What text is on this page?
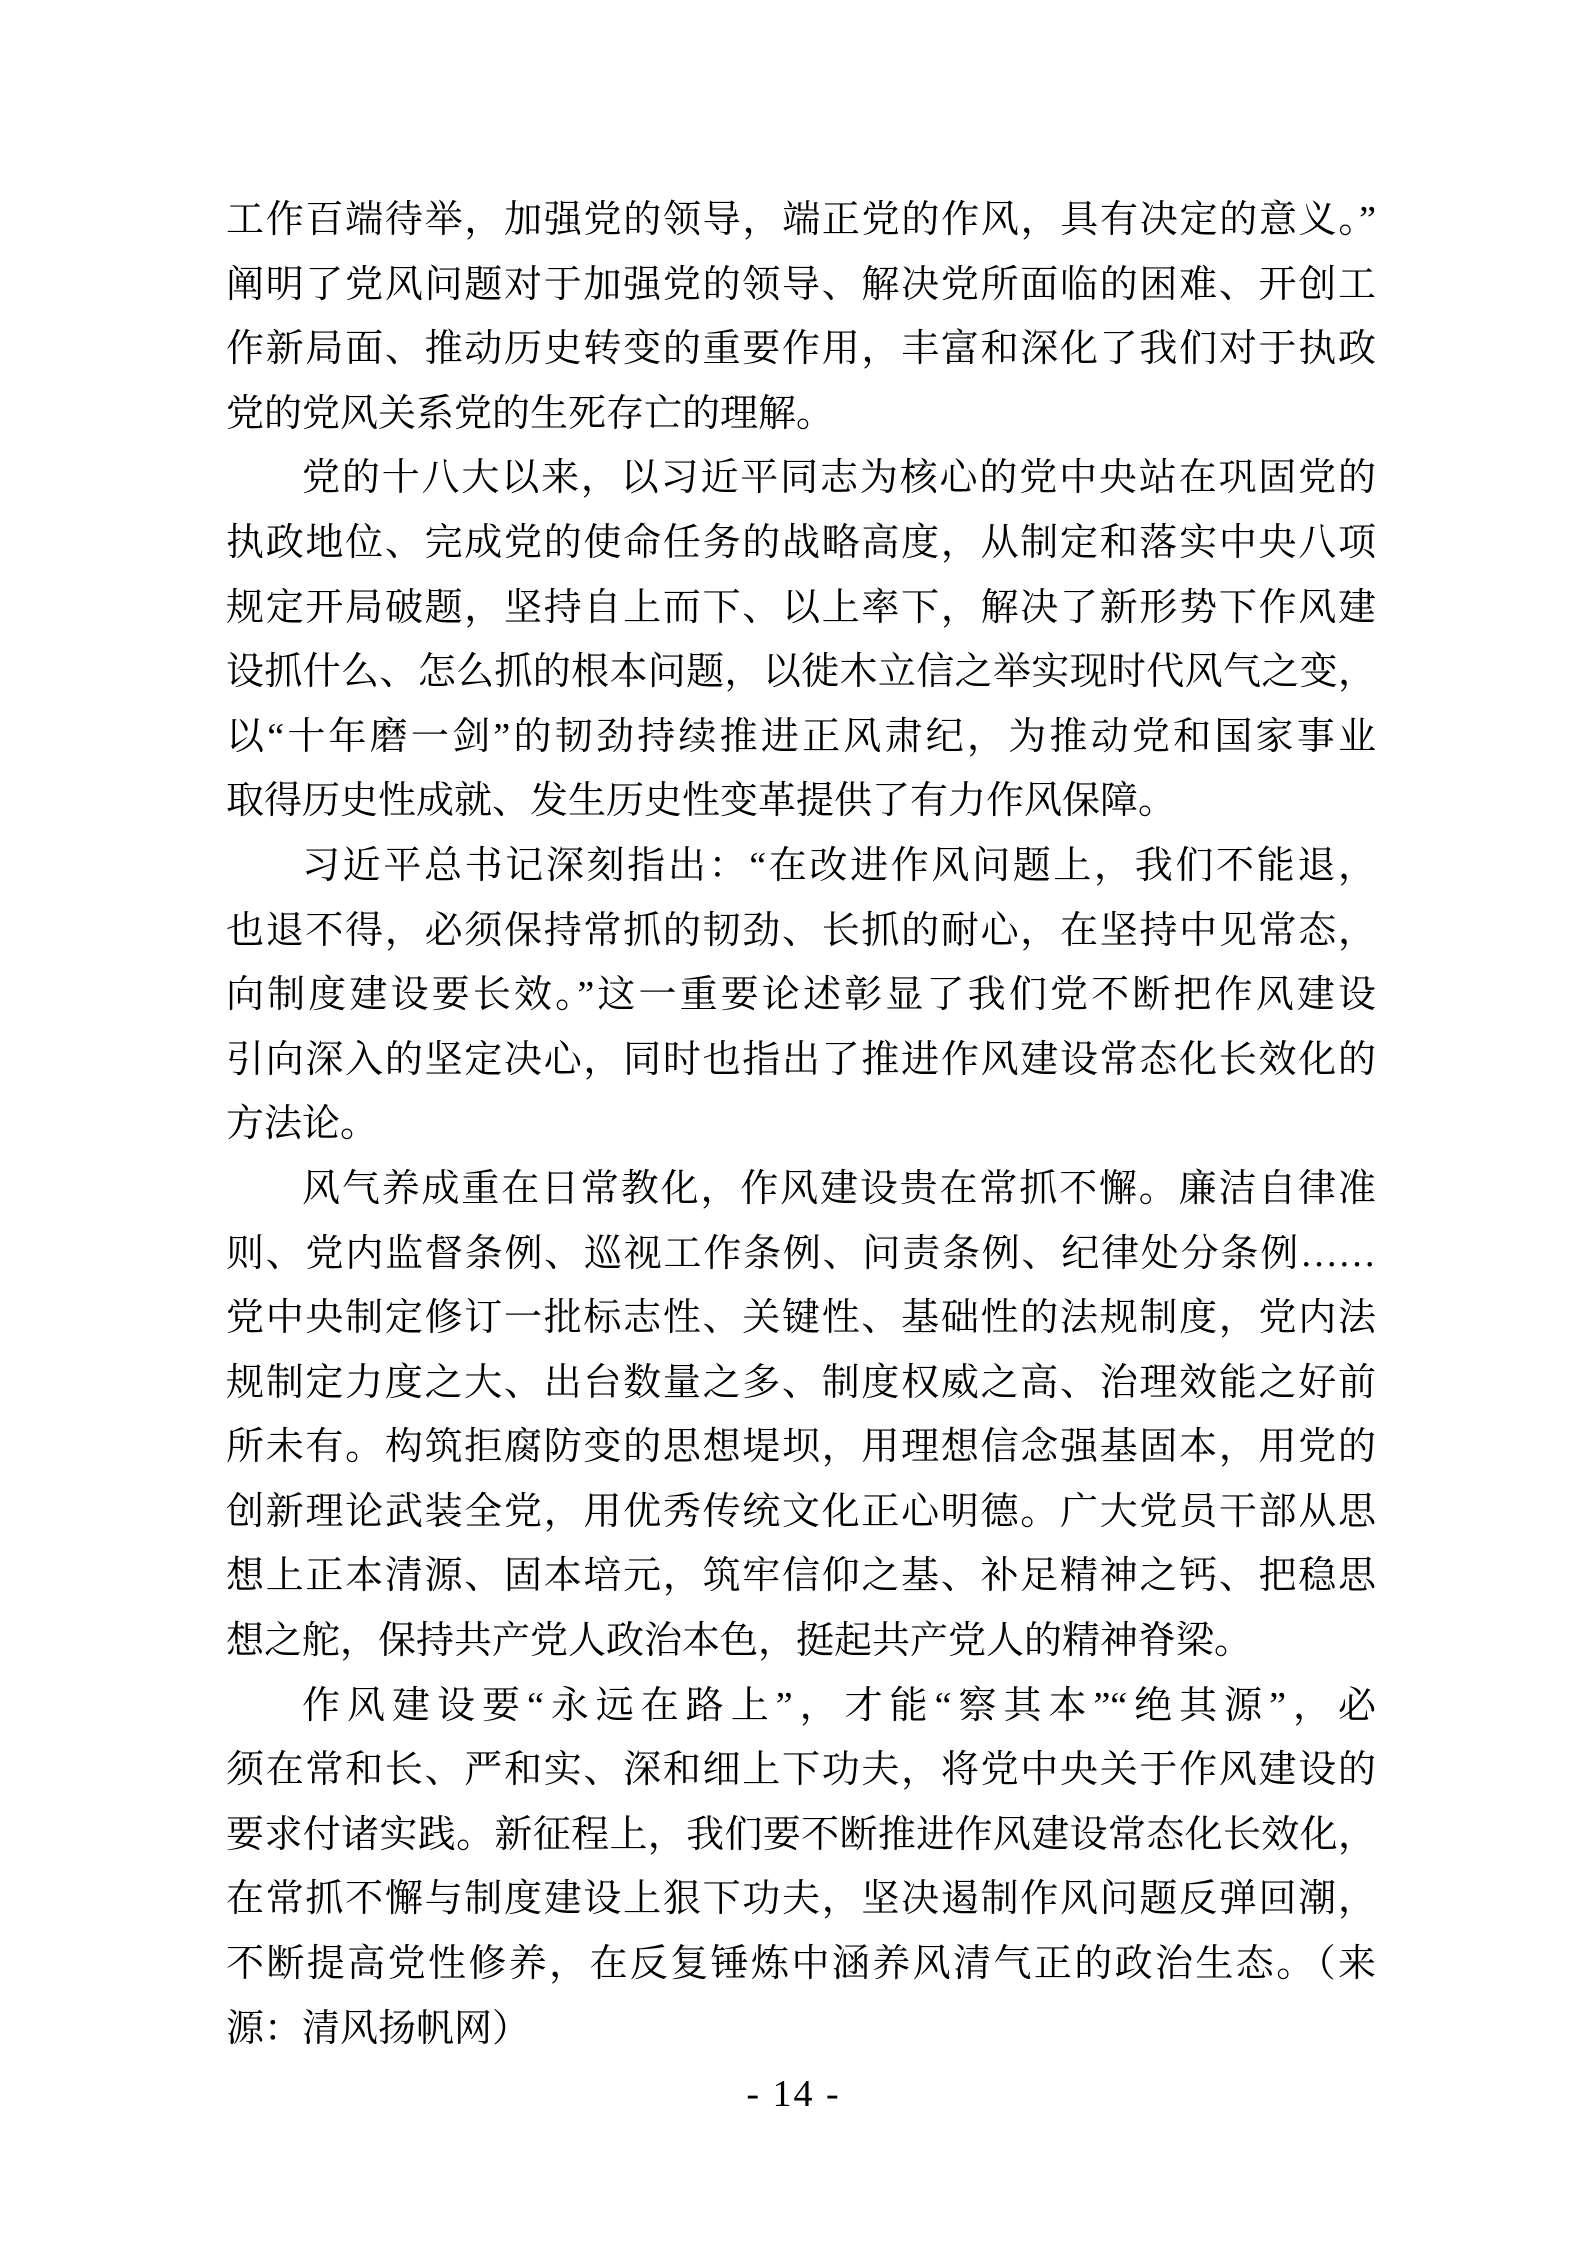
工作百端待举，加强党的领导，端正党的作风，具有决定的意义。”
阐明了党风问题对于加强党的领导、解决党所面临的困难、开创工
作新局面、推动历史转变的重要作用，丰富和深化了我们对于执政
党的党风关系党的生死存亡的理解。
党的十八大以来，以习近平同志为核心的党中央站在巩固党的
执政地位、完成党的使命任务的战略高度，从制定和落实中央八项
规定开局破题，坚持自上而下、以上率下，解决了新形势下作风建
设抓什么、怎么抓的根本问题，以徙木立信之举实现时代风气之变，
以“十年磨一剑”的韧劲持续推进正风肃纪，为推动党和国家事业
取得历史性成就、发生历史性变革提供了有力作风保障。
习近平总书记深刻指出：“在改进作风问题上，我们不能退，
也退不得，必须保持常抓的韧劲、长抓的耐心，在坚持中见常态，
向制度建设要长效。”这一重要论述彰显了我们党不断把作风建设
引向深入的坚定决心，同时也指出了推进作风建设常态化长效化的
方法论。
风气养成重在日常教化，作风建设贵在常抓不懈。廉洁自律准
则、党内监督条例、巡视工作条例、问责条例、纪律处分条例……
党中央制定修订一批标志性、关键性、基础性的法规制度，党内法
规制定力度之大、出台数量之多、制度权威之高、治理效能之好前
所未有。构筑拒腐防变的思想堤坝，用理想信念强基固本，用党的
创新理论武装全党，用优秀传统文化正心明德。广大党员干部从思
想上正本清源、固本培元，筑牢信仰之基、补足精神之钙、把稳思
想之舵，保持共产党人政治本色，挺起共产党人的精神脊梁。
作风建设要“永远在路上”，才能“察其本”“绝其源”，必
须在常和长、严和实、深和细上下功夫，将党中央关于作风建设的
要求付诸实践。新征程上，我们要不断推进作风建设常态化长效化，
在常抓不懈与制度建设上狠下功夫，坚决遏制作风问题反弹回潮，
不断提高党性修养，在反复锤炼中涵养风清气正的政治生态。（来
源：清风扬帆网）
- 14 -
